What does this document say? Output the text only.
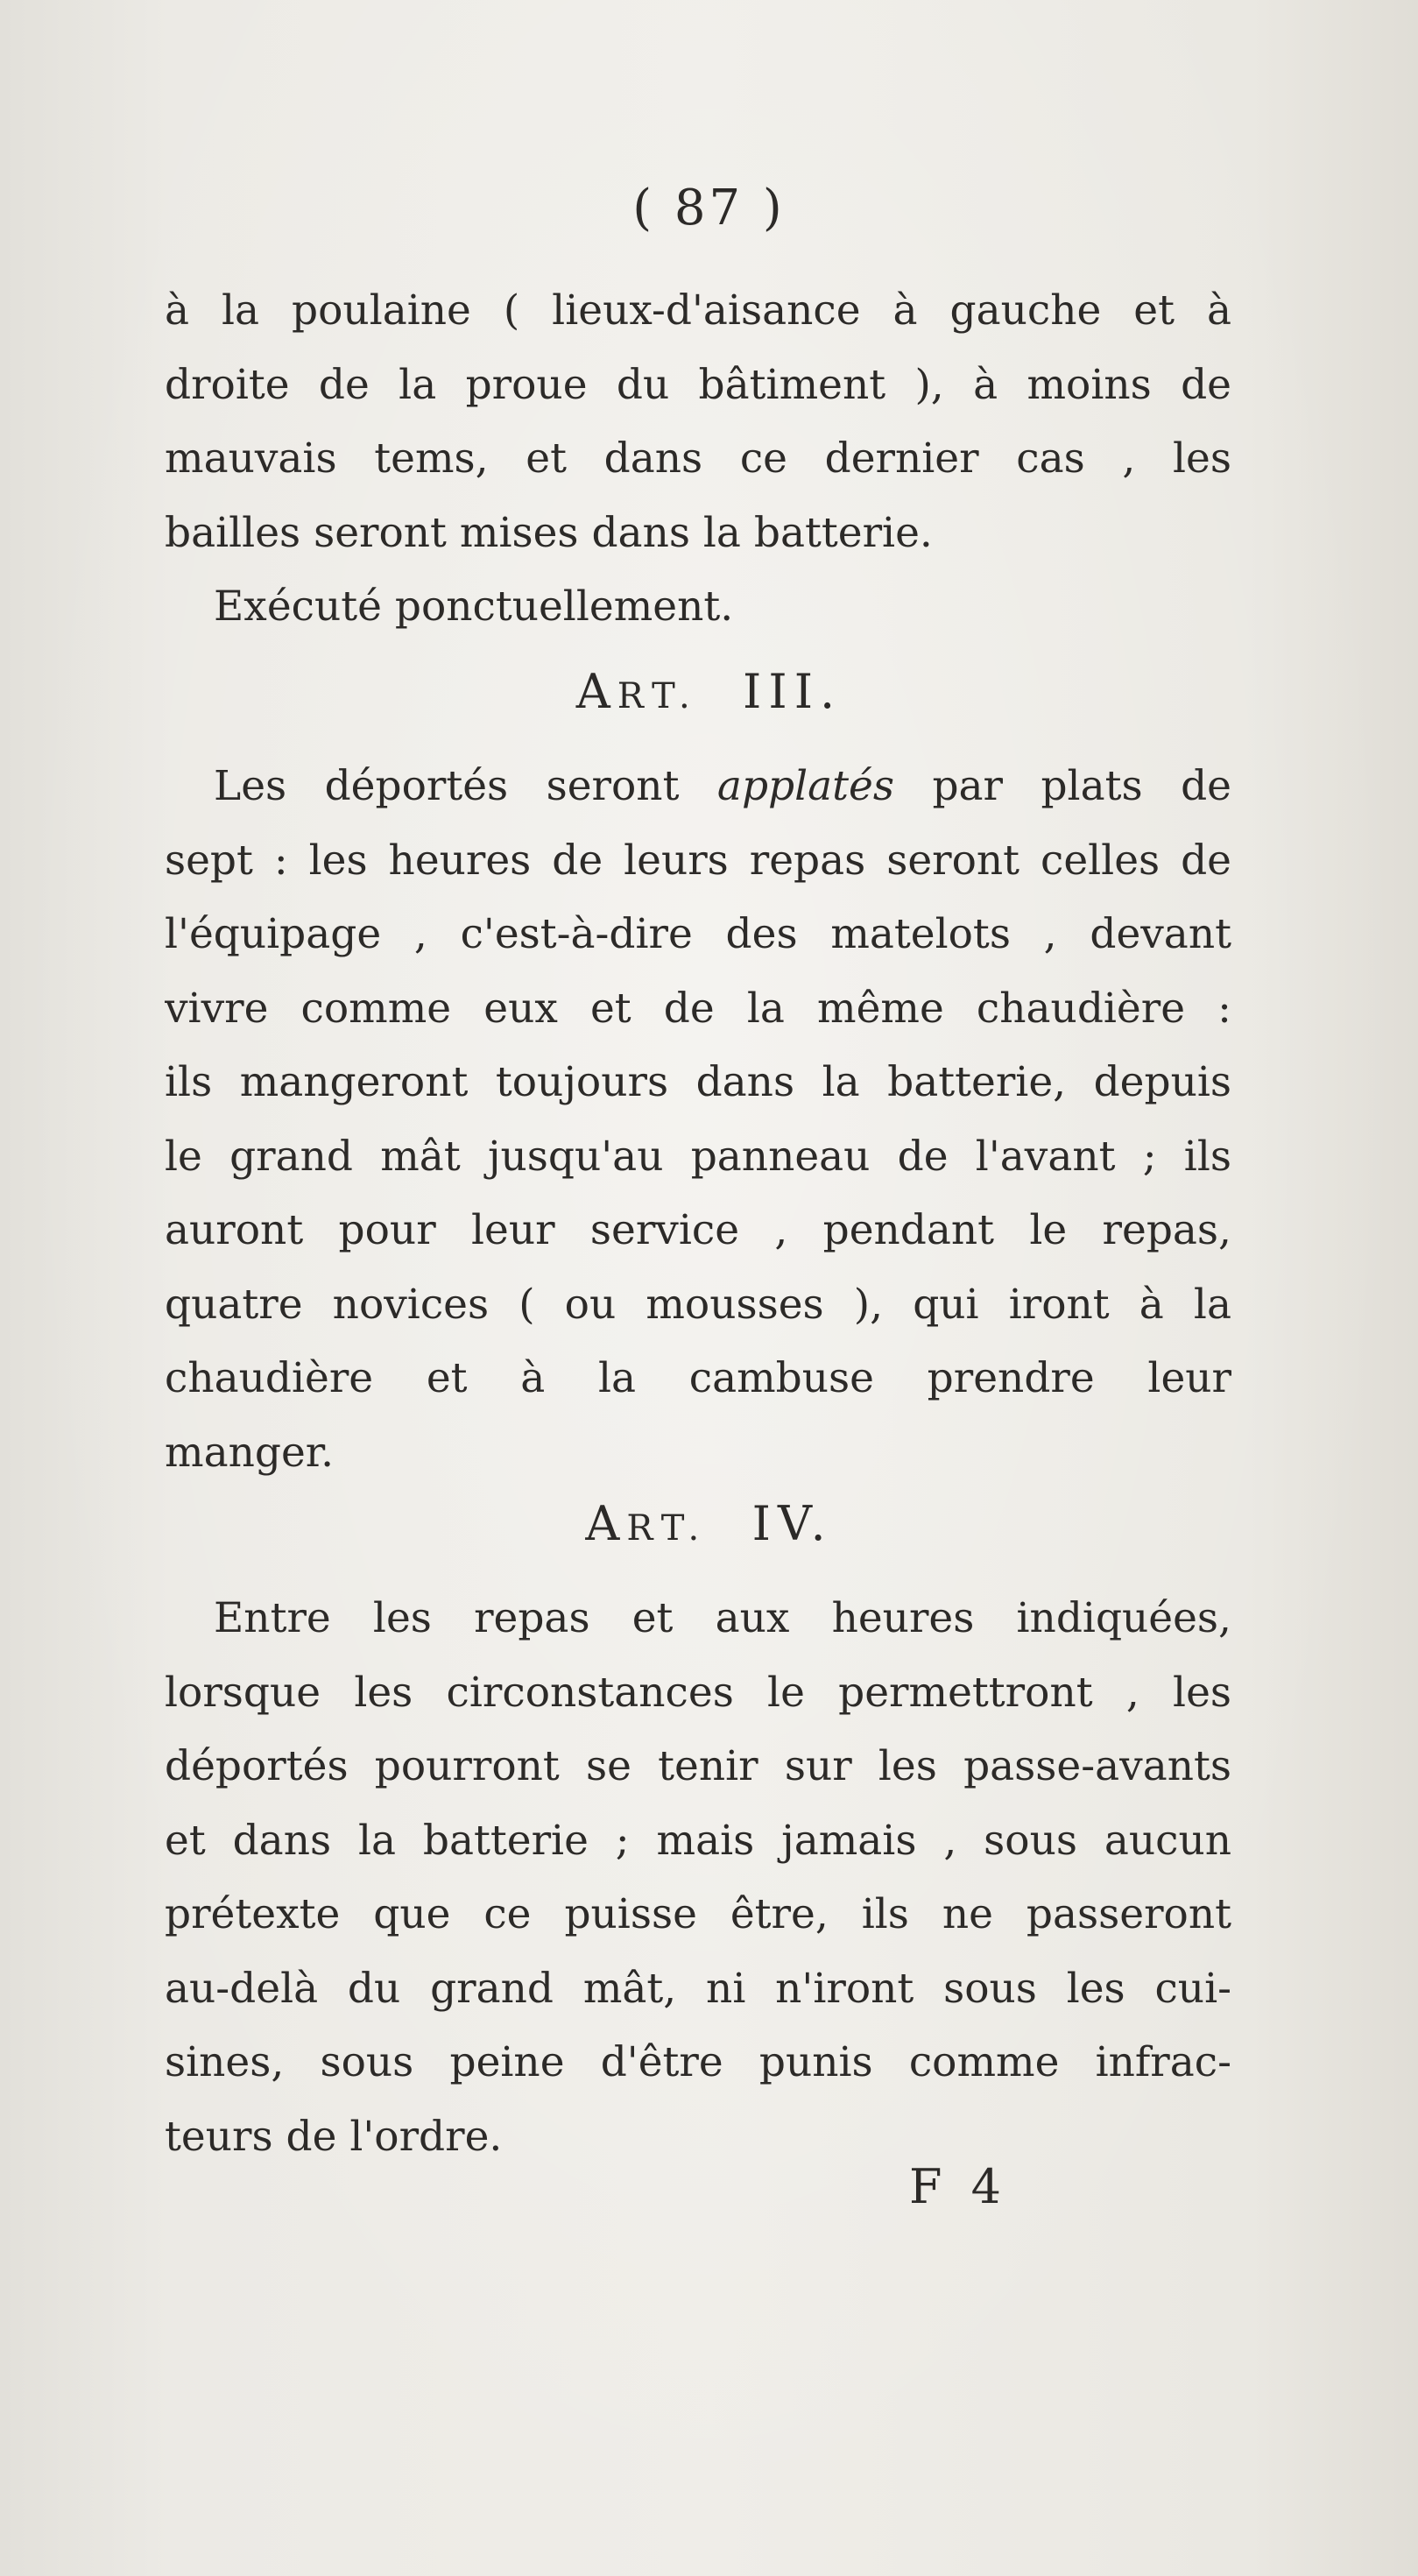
( 87 )
à la poulaine ( lieux-d'aisance à gauche et à
droite de la proue du bâtiment ), à moins de
mauvais tems, et dans ce dernier cas , les
bailles seront mises dans la batterie.
Exécuté ponctuellement.
ART. III.
Les déportés seront applatés par plats de
sept : les heures de leurs repas seront celles de
l'équipage , c'est-à-dire des matelots , devant
vivre comme eux et de la même chaudière :
ils mangeront toujours dans la batterie, depuis
le grand mât jusqu'au panneau de l'avant ; ils
auront pour leur service , pendant le repas,
quatre novices ( ou mousses ), qui iront à la
chaudière et à la cambuse prendre leur
manger.
ART. IV.
Entre les repas et aux heures indiquées,
lorsque les circonstances le permettront , les
déportés pourront se tenir sur les passe-avants
et dans la batterie ; mais jamais , sous aucun
prétexte que ce puisse être, ils ne passeront
au-delà du grand mât, ni n'iront sous les cui-
sines, sous peine d'être punis comme infrac-
teurs de l'ordre.
F 4
